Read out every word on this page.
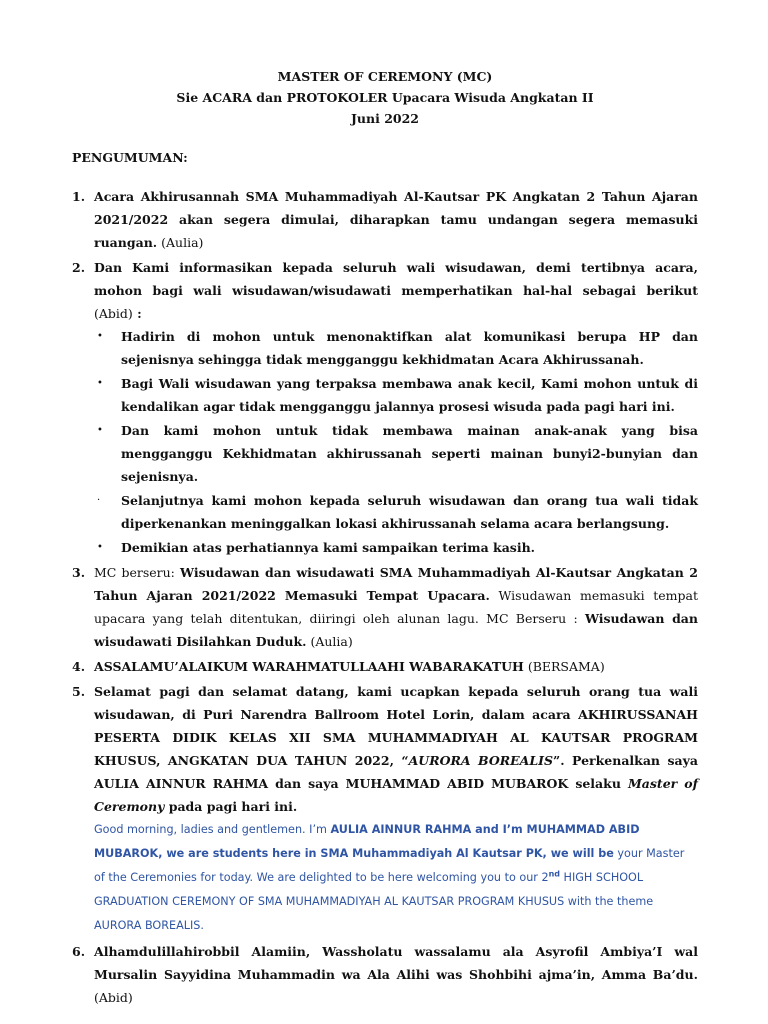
MASTER OF CEREMONY (MC)
Sie ACARA dan PROTOKOLER Upacara Wisuda Angkatan II
Juni 2022
PENGUMUMAN:
1. Acara Akhirusannah SMA Muhammadiyah Al-Kautsar PK Angkatan 2 Tahun Ajaran 2021/2022 akan segera dimulai, diharapkan tamu undangan segera memasuki ruangan. (Aulia)
2. Dan Kami informasikan kepada seluruh wali wisudawan, demi tertibnya acara, mohon bagi wali wisudawan/wisudawati memperhatikan hal-hal sebagai berikut (Abid) :
• Hadirin di mohon untuk menonaktifkan alat komunikasi berupa HP dan sejenisnya sehingga tidak mengganggu kekhidmatan Acara Akhirussanah.
• Bagi Wali wisudawan yang terpaksa membawa anak kecil, Kami mohon untuk di kendalikan agar tidak mengganggu jalannya prosesi wisuda pada pagi hari ini.
• Dan kami mohon untuk tidak membawa mainan anak-anak yang bisa mengganggu Kekhidmatan akhirussanah seperti mainan bunyi2-bunyian dan sejenisnya.
· Selanjutnya kami mohon kepada seluruh wisudawan dan orang tua wali tidak diperkenankan meninggalkan lokasi akhirussanah selama acara berlangsung.
• Demikian atas perhatiannya kami sampaikan terima kasih.
3. MC berseru: Wisudawan dan wisudawati SMA Muhammadiyah Al-Kautsar Angkatan 2 Tahun Ajaran 2021/2022 Memasuki Tempat Upacara. Wisudawan memasuki tempat upacara yang telah ditentukan, diiringi oleh alunan lagu. MC Berseru : Wisudawan dan wisudawati Disilahkan Duduk. (Aulia)
4. ASSALAMU’ALAIKUM WARAHMATULLAAHI WABARAKATUH (BERSAMA)
5. Selamat pagi dan selamat datang, kami ucapkan kepada seluruh orang tua wali wisudawan, di Puri Narendra Ballroom Hotel Lorin, dalam acara AKHIRUSSANAH PESERTA DIDIK KELAS XII SMA MUHAMMADIYAH AL KAUTSAR PROGRAM KHUSUS, ANGKATAN DUA TAHUN 2022, “AURORA BOREALIS”. Perkenalkan saya AULIA AINNUR RAHMA dan saya MUHAMMAD ABID MUBAROK selaku Master of Ceremony pada pagi hari ini.
Good morning, ladies and gentlemen. I’m AULIA AINNUR RAHMA and I’m MUHAMMAD ABID MUBAROK, we are students here in SMA Muhammadiyah Al Kautsar PK, we will be your Master of the Ceremonies for today. We are delighted to be here welcoming you to our 2nd HIGH SCHOOL GRADUATION CEREMONY OF SMA MUHAMMADIYAH AL KAUTSAR PROGRAM KHUSUS with the theme AURORA BOREALIS.
6. Alhamdulillahirobbil Alamiin, Wassholatu wassalamu ala Asyrofil Ambiya’I wal Mursalin Sayyidina Muhammadin wa Ala Alihi was Shohbihi ajma’in, Amma Ba’du. (Abid)
